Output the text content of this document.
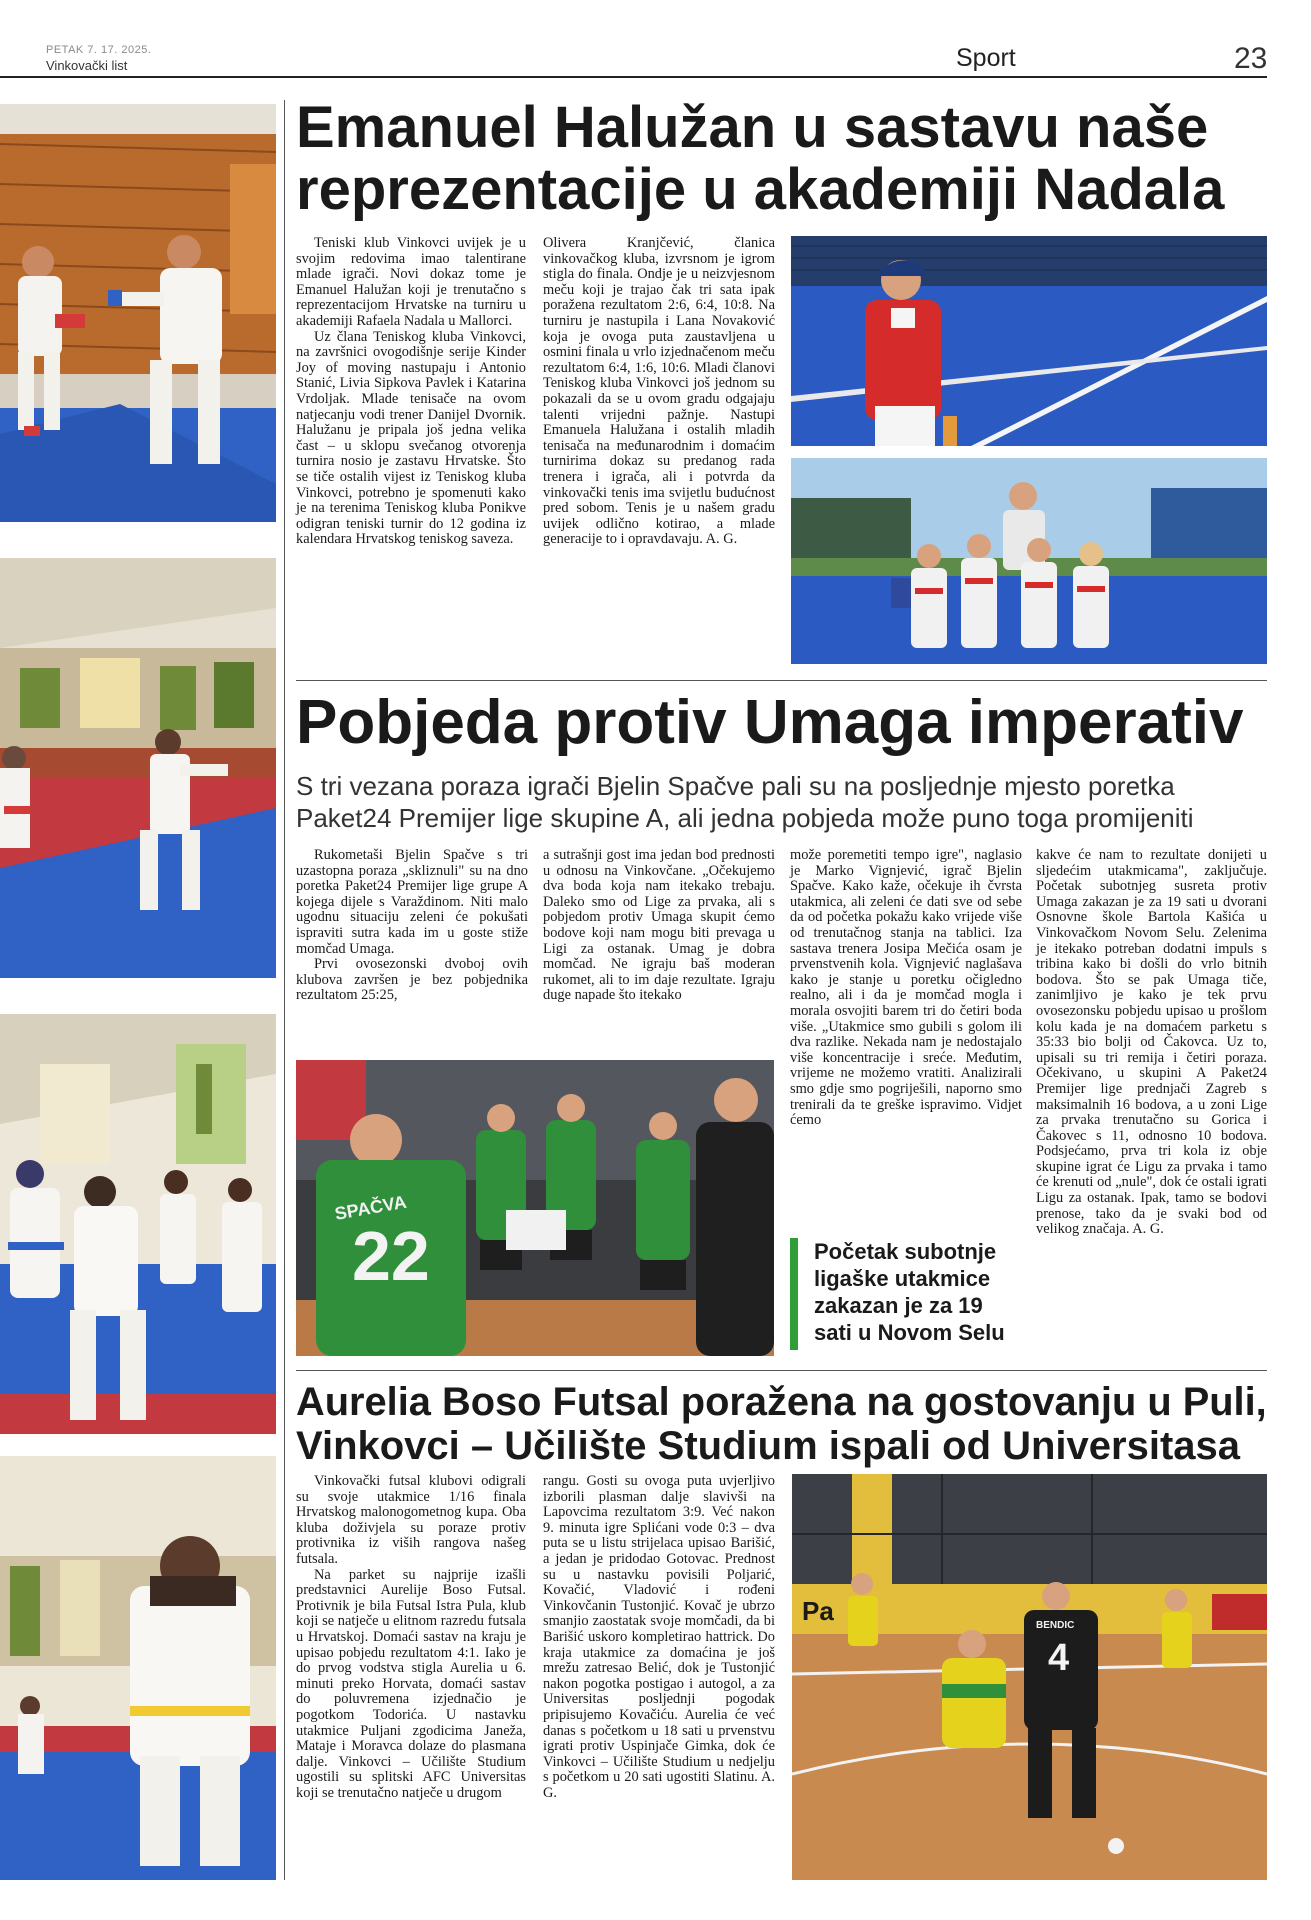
PETAK 7. 17. 2025.
Vinkovački list	Sport	23
Emanuel Halužan u sastavu naše
reprezentacije u akademiji Nadala

Teniski klub Vinkovci uvijek je u svojim redovima imao talentirane mlade igrači. Novi dokaz tome je Emanuel Halužan koji je trenutačno s reprezentacijom Hrvatske na turniru u akademiji Rafaela Nadala u Mallorci.

Uz člana Teniskog kluba Vinkovci, na završnici ovogodišnje serije Kinder Joy of moving nastupaju i Antonio Stanić, Livia Sipkova Pavlek i Katarina Vrdoljak. Mlade tenisače na ovom natjecanju vodi trener Danijel Dvornik. Halužanu je pripala još jedna velika čast – u sklopu svečanog otvorenja turnira nosio je zastavu Hrvatske. Što se tiče ostalih vijest iz Teniskog kluba Vinkovci, potrebno je spomenuti kako je na terenima Teniskog kluba Ponikve odigran teniski turnir do 12 godina iz kalendara Hrvatskog teniskog saveza.

Olivera Kranjčević, članica vinkovačkog kluba, izvrsnom je igrom stigla do finala. Ondje je u neizvjesnom meču koji je trajao čak tri sata ipak poražena rezultatom 2:6, 6:4, 10:8. Na turniru je nastupila i Lana Novaković koja je ovoga puta zaustavljena u osmini finala u vrlo izjednačenom meču rezultatom 6:4, 1:6, 10:6. Mladi članovi Teniskog kluba Vinkovci još jednom su pokazali da se u ovom gradu odgajaju talenti vrijedni pažnje. Nastupi Emanuela Halužana i ostalih mladih tenisača na međunarodnim i domaćim turnirima dokaz su predanog rada trenera i igrača, ali i potvrda da vinkovački tenis ima svijetlu budućnost pred sobom. Tenis je u našem gradu uvijek odlično kotirao, a mlade generacije to i opravdavaju. A. G.

Pobjeda protiv Umaga imperativ
S tri vezana poraza igrači Bjelin Spačve pali su na posljednje mjesto poretka
Paket24 Premijer lige skupine A, ali jedna pobjeda može puno toga promijeniti

Rukometaši Bjelin Spačve s tri uzastopna poraza „skliznuli" su na dno poretka Paket24 Premijer lige grupe A kojega dijele s Varaždinom. Niti malo ugodnu situaciju zeleni će pokušati ispraviti sutra kada im u goste stiže momčad Umaga.

Prvi ovosezonski dvoboj ovih klubova završen je bez pobjednika rezultatom 25:25,

a sutrašnji gost ima jedan bod prednosti u odnosu na Vinkovčane. „Očekujemo dva boda koja nam itekako trebaju. Daleko smo od Lige za prvaka, ali s pobjedom protiv Umaga skupit ćemo bodove koji nam mogu biti prevaga u Ligi za ostanak. Umag je dobra momčad. Ne igraju baš moderan rukomet, ali to im daje rezultate. Igraju duge napade što itekako

može poremetiti tempo igre", naglasio je Marko Vignjević, igrač Bjelin Spačve. Kako kaže, očekuje ih čvrsta utakmica, ali zeleni će dati sve od sebe da od početka pokažu kako vrijede više od trenutačnog stanja na tablici. Iza sastava trenera Josipa Mečića osam je prvenstvenih kola. Vignjević naglašava kako je stanje u poretku očigledno realno, ali i da je momčad mogla i morala osvojiti barem tri do četiri boda više. „Utakmice smo gubili s golom ili dva razlike. Nekada nam je nedostajalo više koncentracije i sreće. Međutim, vrijeme ne možemo vratiti. Analizirali smo gdje smo pogriješili, naporno smo trenirali da te greške ispravimo. Vidjet ćemo

kakve će nam to rezultate donijeti u sljedećim utakmicama", zaključuje. Početak subotnjeg susreta protiv Umaga zakazan je za 19 sati u dvorani Osnovne škole Bartola Kašića u Vinkovačkom Novom Selu. Zelenima je itekako potreban dodatni impuls s tribina kako bi došli do vrlo bitnih bodova. Što se pak Umaga tiče, zanimljivo je kako je tek prvu ovosezonsku pobjedu upisao u prošlom kolu kada je na domaćem parketu s 35:33 bio bolji od Čakovca. Uz to, upisali su tri remija i četiri poraza. Očekivano, u skupini A Paket24 Premijer lige prednjači Zagreb s maksimalnih 16 bodova, a u zoni Lige za prvaka trenutačno su Gorica i Čakovec s 11, odnosno 10 bodova. Podsjećamo, prva tri kola iz obje skupine igrat će Ligu za prvaka i tamo će krenuti od „nule", dok će ostali igrati Ligu za ostanak. Ipak, tamo se bodovi prenose, tako da je svaki bod od velikog značaja. A. G.

22
SPAČVA
Početak subotnje ligaške utakmice zakazan je za 19 sati u Novom Selu
Aurelia Boso Futsal poražena na gostovanju u Puli,
Vinkovci – Učilište Studium ispali od Universitasa

Vinkovački futsal klubovi odigrali su svoje utakmice 1/16 finala Hrvatskog malonogometnog kupa. Oba kluba doživjela su poraze protiv protivnika iz viših rangova našeg futsala.

Na parket su najprije izašli predstavnici Aurelije Boso Futsal. Protivnik je bila Futsal Istra Pula, klub koji se natječe u elitnom razredu futsala u Hrvatskoj. Domaći sastav na kraju je upisao pobjedu rezultatom 4:1. Iako je do prvog vodstva stigla Aurelia u 6. minuti preko Horvata, domaći sastav do poluvremena izjednačio je pogotkom Todorića. U nastavku utakmice Puljani zgodicima Janeža, Mataje i Moravca dolaze do plasmana dalje. Vinkovci – Učilište Studium ugostili su splitski AFC Universitas koji se trenutačno natječe u drugom

rangu. Gosti su ovoga puta uvjerljivo izborili plasman dalje slavivši na Lapovcima rezultatom 3:9. Već nakon 9. minuta igre Splićani vode 0:3 – dva puta se u listu strijelaca upisao Barišić, a jedan je pridodao Gotovac. Prednost su u nastavku povisili Poljarić, Kovačić, Vladović i rođeni Vinkovčanin Tustonjić. Kovač je ubrzo smanjio zaostatak svoje momčadi, da bi Barišić uskoro kompletirao hattrick. Do kraja utakmice za domaćina je još mrežu zatresao Belić, dok je Tustonjić nakon pogotka postigao i autogol, a za Universitas posljednji pogodak pripisujemo Kovačiću. Aurelia će već danas s početkom u 18 sati u prvenstvu igrati protiv Uspinjače Gimka, dok će Vinkovci – Učilište Studium u nedjelju s početkom u 20 sati ugostiti Slatinu. A. G.

Pa
4
BENDIC
